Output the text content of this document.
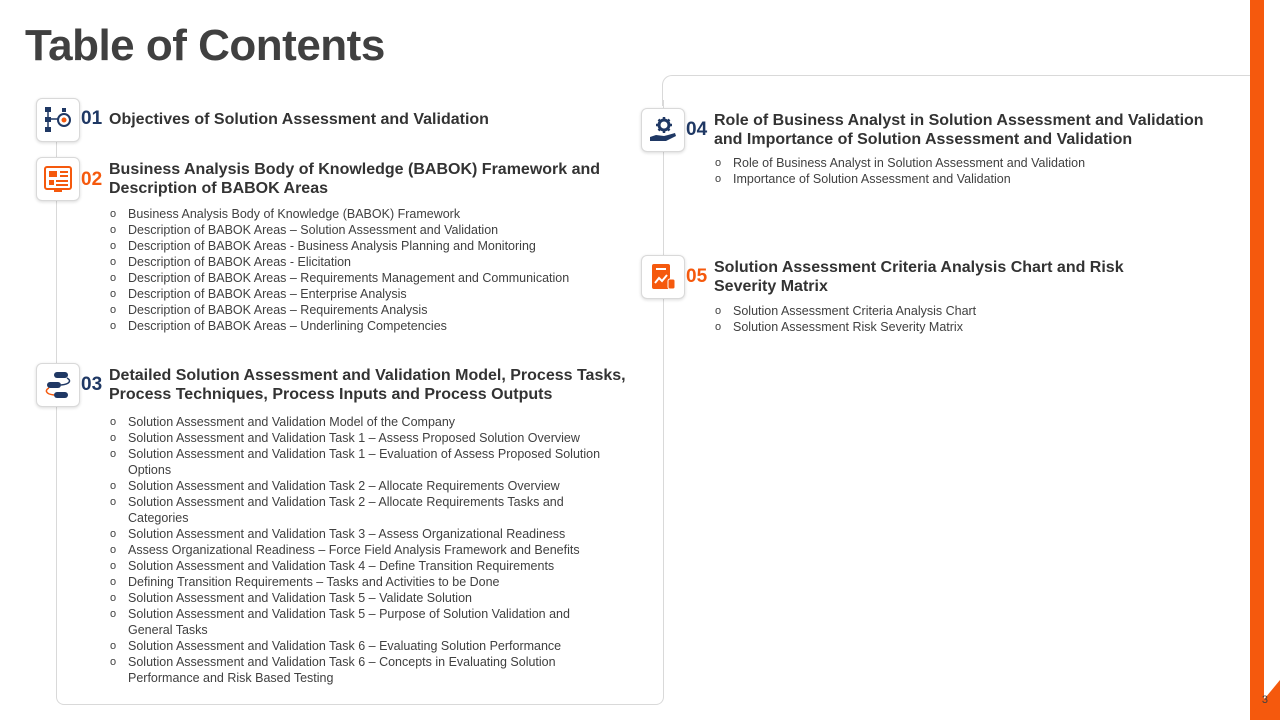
Table of Contents
3
01 Objectives of Solution Assessment and Validation
02 Business Analysis Body of Knowledge (BABOK) Framework and Description of BABOK Areas
o Business Analysis Body of Knowledge (BABOK) Framework
o Description of BABOK Areas – Solution Assessment and Validation
o Description of BABOK Areas - Business Analysis Planning and Monitoring
o Description of BABOK Areas - Elicitation
o Description of BABOK Areas – Requirements Management and Communication
o Description of BABOK Areas – Enterprise Analysis
o Description of BABOK Areas – Requirements Analysis
o Description of BABOK Areas – Underlining Competencies
03 Detailed Solution Assessment and Validation Model, Process Tasks, Process Techniques, Process Inputs and Process Outputs
o Solution Assessment and Validation Model of the Company
o Solution Assessment and Validation Task 1 – Assess Proposed Solution Overview
o Solution Assessment and Validation Task 1 – Evaluation of Assess Proposed Solution Options
o Solution Assessment and Validation Task 2 – Allocate Requirements Overview
o Solution Assessment and Validation Task 2 – Allocate Requirements Tasks and Categories
o Solution Assessment and Validation Task 3 – Assess Organizational Readiness
o Assess Organizational Readiness – Force Field Analysis Framework and Benefits
o Solution Assessment and Validation Task 4 – Define Transition Requirements
o Defining Transition Requirements – Tasks and Activities to be Done
o Solution Assessment and Validation Task 5 – Validate Solution
o Solution Assessment and Validation Task 5 – Purpose of Solution Validation and General Tasks
o Solution Assessment and Validation Task 6 – Evaluating Solution Performance
o Solution Assessment and Validation Task 6 – Concepts in Evaluating Solution Performance and Risk Based Testing
04 Role of Business Analyst in Solution Assessment and Validation and Importance of Solution Assessment and Validation
o Role of Business Analyst in Solution Assessment and Validation
o Importance of Solution Assessment and Validation
05 Solution Assessment Criteria Analysis Chart and Risk Severity Matrix
o Solution Assessment Criteria Analysis Chart
o Solution Assessment Risk Severity Matrix
